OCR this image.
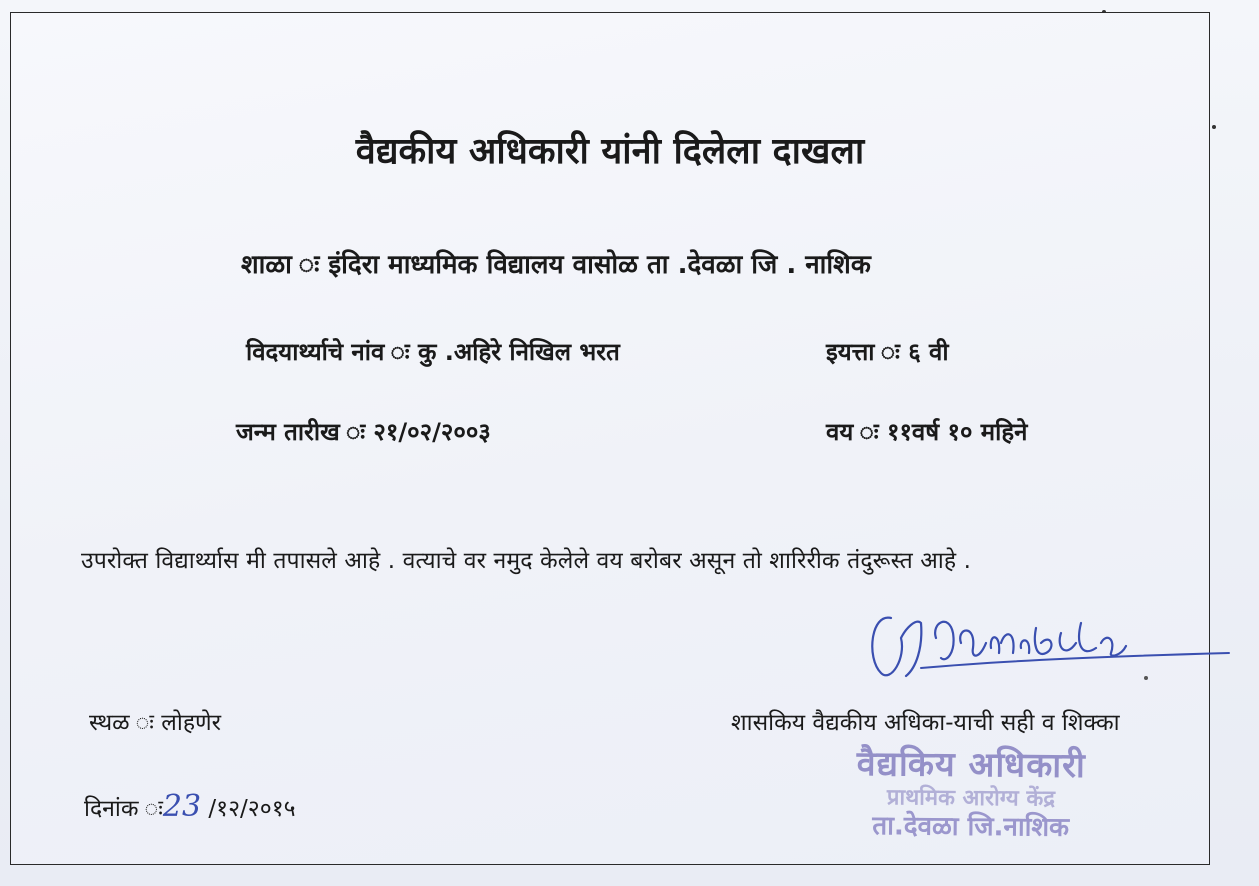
वैद्यकीय अधिकारी यांनी दिलेला दाखला
शाळा ः इंदिरा माध्यमिक विद्यालय वासोळ ता .देवळा जि . नाशिक
विदयार्थ्याचे नांव ः कु .अहिरे निखिल भरत	इयत्ता ः ६ वी
जन्म तारीख ः २१/०२/२००३	वय ः ११वर्ष १० महिने
उपरोक्त विद्यार्थ्यास मी तपासले आहे . वत्याचे वर नमुद केलेले वय बरोबर असून तो शारिरीक तंदुरूस्त आहे .
स्थळ ः लोहणेर	शासकिय वैद्यकीय अधिका-याची सही व शिक्का
दिनांक ः23 /१२/२०१५
वैद्यकिय अधिकारी
प्राथमिक आरोग्य केंद्र
ता.देवळा जि.नाशिक
